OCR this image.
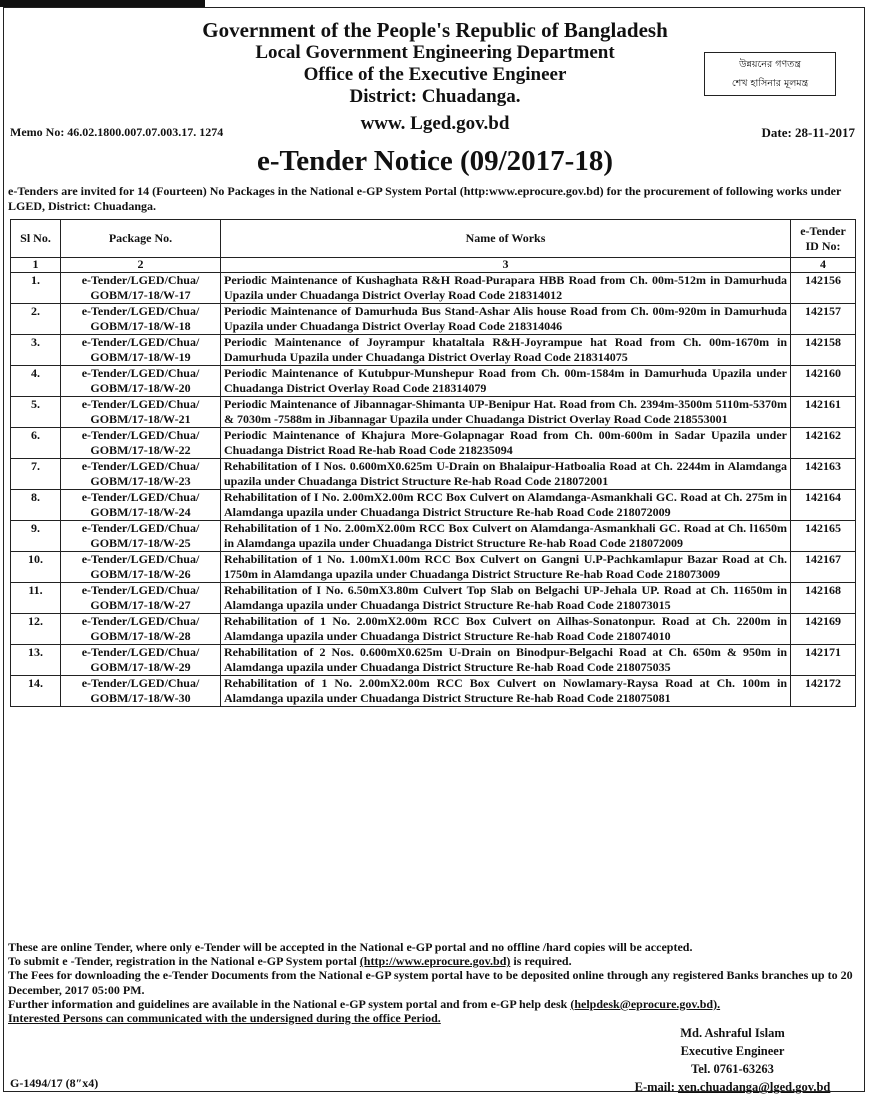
Government of the People's Republic of Bangladesh
Local Government Engineering Department
Office of the Executive Engineer
District: Chuadanga.
www. Lged.gov.bd
উন্নয়নের গণতন্ত্র
শেখ হাসিনার মূলমন্ত্র
Memo No: 46.02.1800.007.07.003.17. 1274	Date: 28-11-2017
e-Tender Notice (09/2017-18)
e-Tenders are invited for 14 (Fourteen) No Packages in the National e-GP System Portal (http:www.eprocure.gov.bd) for the procurement of following works under LGED, District: Chuadanga.
Sl No.	Package No.	Name of Works	e-Tender ID No:
1	2	3	4
1.	e-Tender/LGED/Chua/ GOBM/17-18/W-17	Periodic Maintenance of Kushaghata R&H Road-Purapara HBB Road from Ch. 00m-512m in Damurhuda Upazila under Chuadanga District Overlay Road Code 218314012	142156
2.	e-Tender/LGED/Chua/ GOBM/17-18/W-18	Periodic Maintenance of Damurhuda Bus Stand-Ashar Alis house Road from Ch. 00m-920m in Damurhuda Upazila under Chuadanga District Overlay Road Code 218314046	142157
3.	e-Tender/LGED/Chua/ GOBM/17-18/W-19	Periodic Maintenance of Joyrampur khataltala R&H-Joyrampue hat Road from Ch. 00m-1670m in Damurhuda Upazila under Chuadanga District Overlay Road Code 218314075	142158
4.	e-Tender/LGED/Chua/ GOBM/17-18/W-20	Periodic Maintenance of Kutubpur-Munshepur Road from Ch. 00m-1584m in Damurhuda Upazila under Chuadanga District Overlay Road Code 218314079	142160
5.	e-Tender/LGED/Chua/ GOBM/17-18/W-21	Periodic Maintenance of Jibannagar-Shimanta UP-Benipur Hat. Road from Ch. 2394m-3500m 5110m-5370m & 7030m -7588m in Jibannagar Upazila under Chuadanga District Overlay Road Code 218553001	142161
6.	e-Tender/LGED/Chua/ GOBM/17-18/W-22	Periodic Maintenance of Khajura More-Golapnagar Road from Ch. 00m-600m in Sadar Upazila under Chuadanga District Road Re-hab Road Code 218235094	142162
7.	e-Tender/LGED/Chua/ GOBM/17-18/W-23	Rehabilitation of I Nos. 0.600mX0.625m U-Drain on Bhalaipur-Hatboalia Road at Ch. 2244m in Alamdanga upazila under Chuadanga District Structure Re-hab Road Code 218072001	142163
8.	e-Tender/LGED/Chua/ GOBM/17-18/W-24	Rehabilitation of I No. 2.00mX2.00m RCC Box Culvert on Alamdanga-Asmankhali GC. Road at Ch. 275m in Alamdanga upazila under Chuadanga District Structure Re-hab Road Code 218072009	142164
9.	e-Tender/LGED/Chua/ GOBM/17-18/W-25	Rehabilitation of 1 No. 2.00mX2.00m RCC Box Culvert on Alamdanga-Asmankhali GC. Road at Ch. l1650m in Alamdanga upazila under Chuadanga District Structure Re-hab Road Code 218072009	142165
10.	e-Tender/LGED/Chua/ GOBM/17-18/W-26	Rehabilitation of 1 No. 1.00mX1.00m RCC Box Culvert on Gangni U.P-Pachkamlapur Bazar Road at Ch. 1750m in Alamdanga upazila under Chuadanga District Structure Re-hab Road Code 218073009	142167
11.	e-Tender/LGED/Chua/ GOBM/17-18/W-27	Rehabilitation of I No. 6.50mX3.80m Culvert Top Slab on Belgachi UP-Jehala UP. Road at Ch. 11650m in Alamdanga upazila under Chuadanga District Structure Re-hab Road Code 218073015	142168
12.	e-Tender/LGED/Chua/ GOBM/17-18/W-28	Rehabilitation of 1 No. 2.00mX2.00m RCC Box Culvert on Ailhas-Sonatonpur. Road at Ch. 2200m in Alamdanga upazila under Chuadanga District Structure Re-hab Road Code 218074010	142169
13.	e-Tender/LGED/Chua/ GOBM/17-18/W-29	Rehabilitation of 2 Nos. 0.600mX0.625m U-Drain on Binodpur-Belgachi Road at Ch. 650m & 950m in Alamdanga upazila under Chuadanga District Structure Re-hab Road Code 218075035	142171
14.	e-Tender/LGED/Chua/ GOBM/17-18/W-30	Rehabilitation of 1 No. 2.00mX2.00m RCC Box Culvert on Nowlamary-Raysa Road at Ch. 100m in Alamdanga upazila under Chuadanga District Structure Re-hab Road Code 218075081	142172
These are online Tender, where only e-Tender will be accepted in the National e-GP portal and no offline /hard copies will be accepted.
To submit e -Tender, registration in the National e-GP System portal (http://www.eprocure.gov.bd) is required.
The Fees for downloading the e-Tender Documents from the National e-GP system portal have to be deposited online through any registered Banks branches up to 20 December, 2017 05:00 PM.
Further information and guidelines are available in the National e-GP system portal and from e-GP help desk (helpdesk@eprocure.gov.bd).
Interested Persons can communicated with the undersigned during the office Period.
Md. Ashraful Islam
Executive Engineer
Tel. 0761-63263
E-mail: xen.chuadanga@lged.gov.bd
G-1494/17 (8″x4)
